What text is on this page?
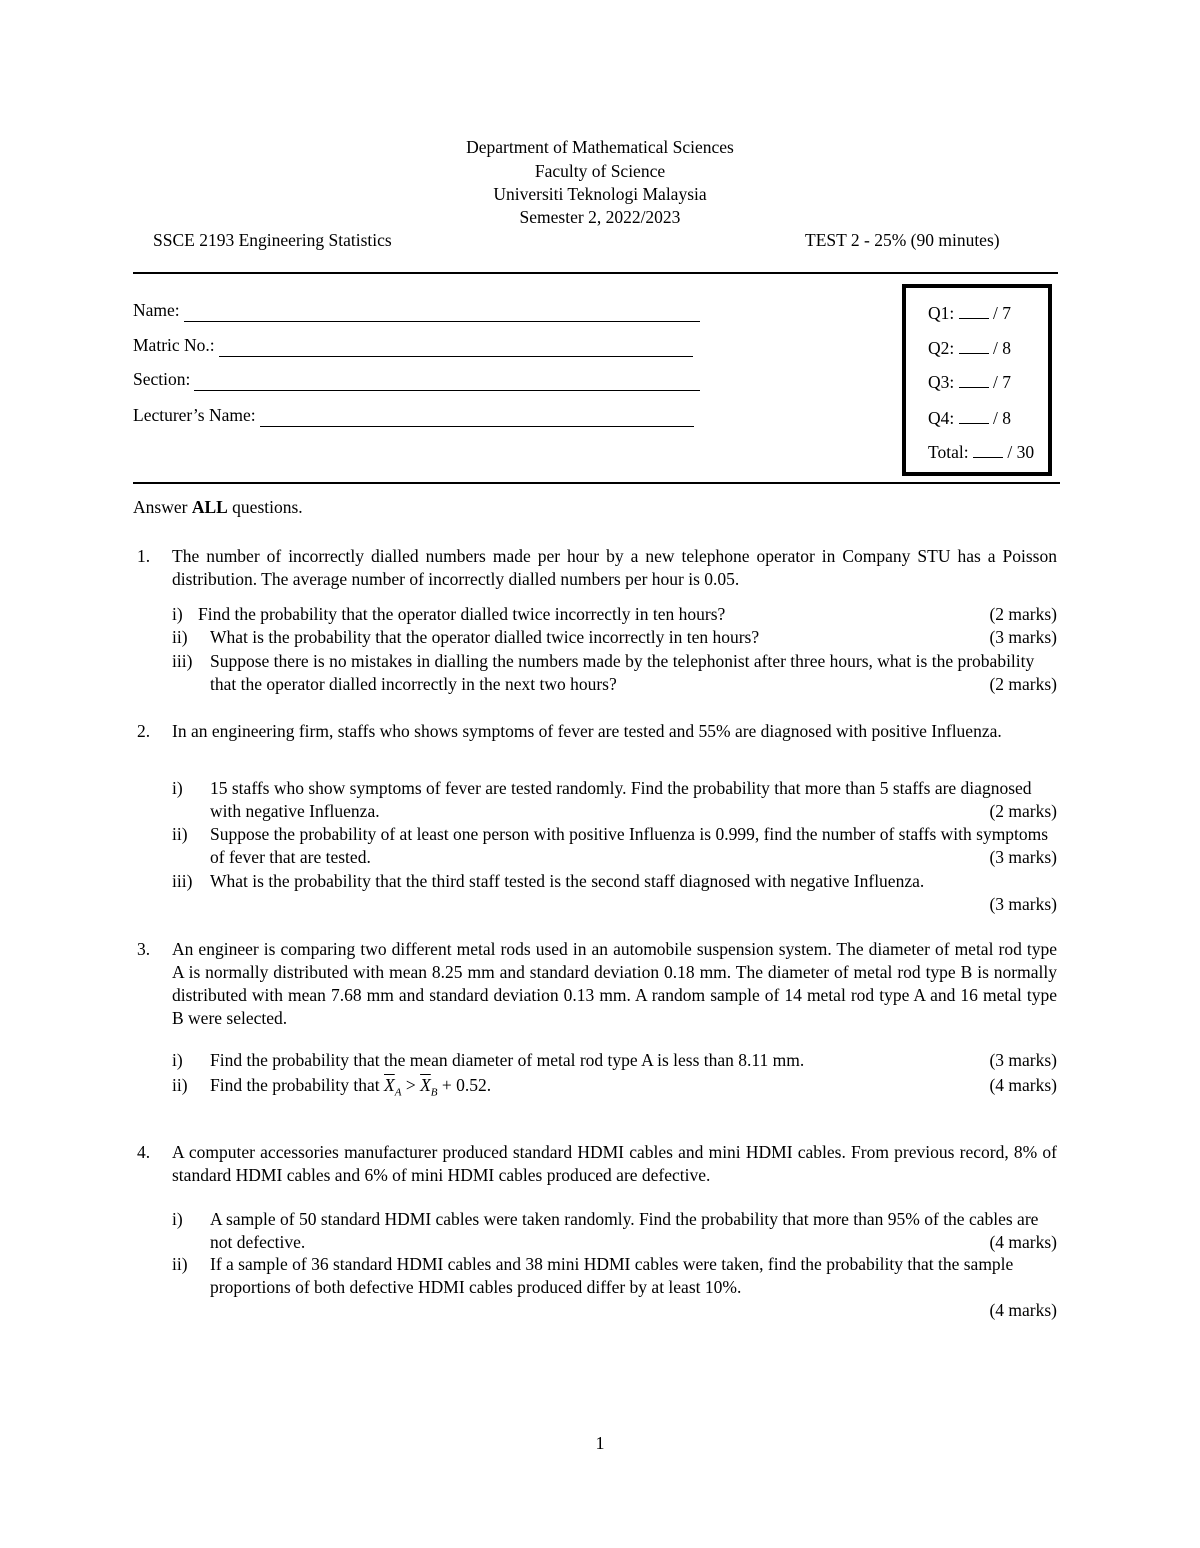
Department of Mathematical Sciences
Faculty of Science
Universiti Teknologi Malaysia
Semester 2, 2022/2023
SSCE 2193 Engineering Statistics	TEST 2 - 25% (90 minutes)
Name:
Matric No.:
Section:
Lecturer’s Name:
Q1: / 7
Q2: / 8
Q3: / 7
Q4: / 8
Total: / 30
Answer ALL questions.
1. The number of incorrectly dialled numbers made per hour by a new telephone operator in Company STU has a Poisson distribution. The average number of incorrectly dialled numbers per hour is 0.05.
i) Find the probability that the operator dialled twice incorrectly in ten hours?	(2 marks)
ii) What is the probability that the operator dialled twice incorrectly in ten hours?	(3 marks)
iii) Suppose there is no mistakes in dialling the numbers made by the telephonist after three hours, what is the probability that the operator dialled incorrectly in the next two hours?	(2 marks)
2. In an engineering firm, staffs who shows symptoms of fever are tested and 55% are diagnosed with positive Influenza.
i) 15 staffs who show symptoms of fever are tested randomly. Find the probability that more than 5 staffs are diagnosed with negative Influenza.	(2 marks)
ii) Suppose the probability of at least one person with positive Influenza is 0.999, find the number of staffs with symptoms of fever that are tested.	(3 marks)
iii) What is the probability that the third staff tested is the second staff diagnosed with negative Influenza.
(3 marks)
3. An engineer is comparing two different metal rods used in an automobile suspension system. The diameter of metal rod type A is normally distributed with mean 8.25 mm and standard deviation 0.18 mm. The diameter of metal rod type B is normally distributed with mean 7.68 mm and standard deviation 0.13 mm. A random sample of 14 metal rod type A and 16 metal type B were selected.
i) Find the probability that the mean diameter of metal rod type A is less than 8.11 mm.	(3 marks)
ii) Find the probability that $\overline{X}_A > \overline{X}_B + 0.52$.	(4 marks)
4. A computer accessories manufacturer produced standard HDMI cables and mini HDMI cables. From previous record, 8% of standard HDMI cables and 6% of mini HDMI cables produced are defective.
i) A sample of 50 standard HDMI cables were taken randomly. Find the probability that more than 95% of the cables are not defective.	(4 marks)
ii) If a sample of 36 standard HDMI cables and 38 mini HDMI cables were taken, find the probability that the sample proportions of both defective HDMI cables produced differ by at least 10%.
(4 marks)
1
